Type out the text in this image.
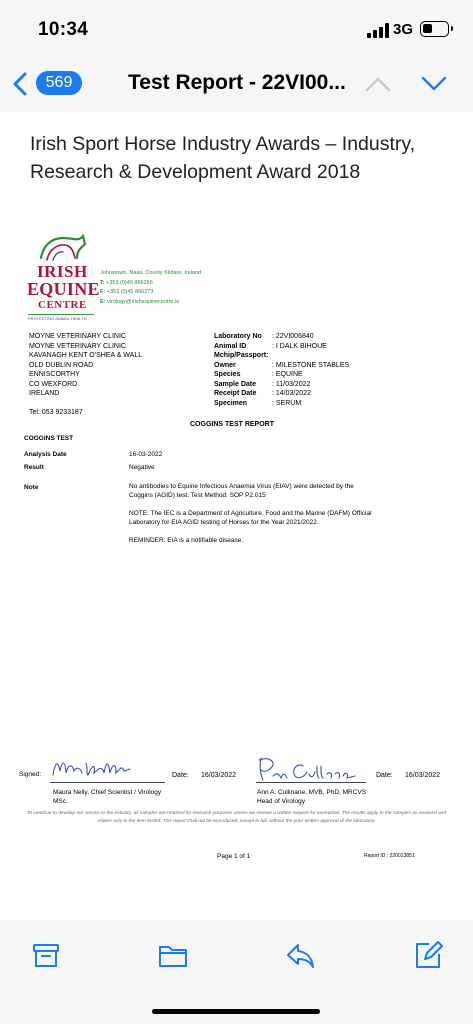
10:34	3G
569	Test Report - 22VI00...
Irish Sport Horse Industry Awards – Industry, Research & Development Award 2018
IRISH
EQUINE
CENTRE
PROTECTING ANIMAL HEALTH
Johnstown, Naas, County Kildare, Ireland
T: +353 (0)45 866266
F: +353 (0)45 866273
E: virology@irishequinecentre.ie
MOYNE VETERINARY CLINIC
MOYNE VETERINARY CLINIC
KAVANAGH KENT O'SHEA & WALL
OLD DUBLIN ROAD
ENNISCORTHY
CO WEXFORD
IRELAND
Tel: 053 9233187
Laboratory No : 22VI006840
Animal ID	: I DALK BIHOUE
Mchip/Passport:
Owner	: MILESTONE STABLES
Species	: EQUINE
Sample Date : 11/03/2022
Receipt Date : 14/03/2022
Specimen	: SERUM
COGGINS TEST REPORT
COGGINS TEST
Analysis Date	16-03-2022
Result	Negative
Note	No antibodies to Equine Infectious Anaemia Virus (EIAV) were detected by the Coggins (AGID) test. Test Method: SOP P2.015

NOTE: The IEC is a Department of Agriculture, Food and the Marine (DAFM) Official Laboratory for EIA AGID testing of Horses for the Year 2021/2022.

REMINDER: EIA is a notifiable disease.

Signed:	Date: 16/03/2022	Date: 16/03/2022
Maura Nelly, Chief Scientist / Virology
MSc.
Ann A. Cullinane, MVB, PhD, MRCVS
Head of Virology
To continue to develop our service to the industry, all samples are retained for research purposes unless we receive a written request for exemption. The results apply to the samples as received and relates only to the item tested. This report shall not be reproduced, except in full, without the prior written approval of the laboratory.
Page 1 of 1	Report ID : 220013851
